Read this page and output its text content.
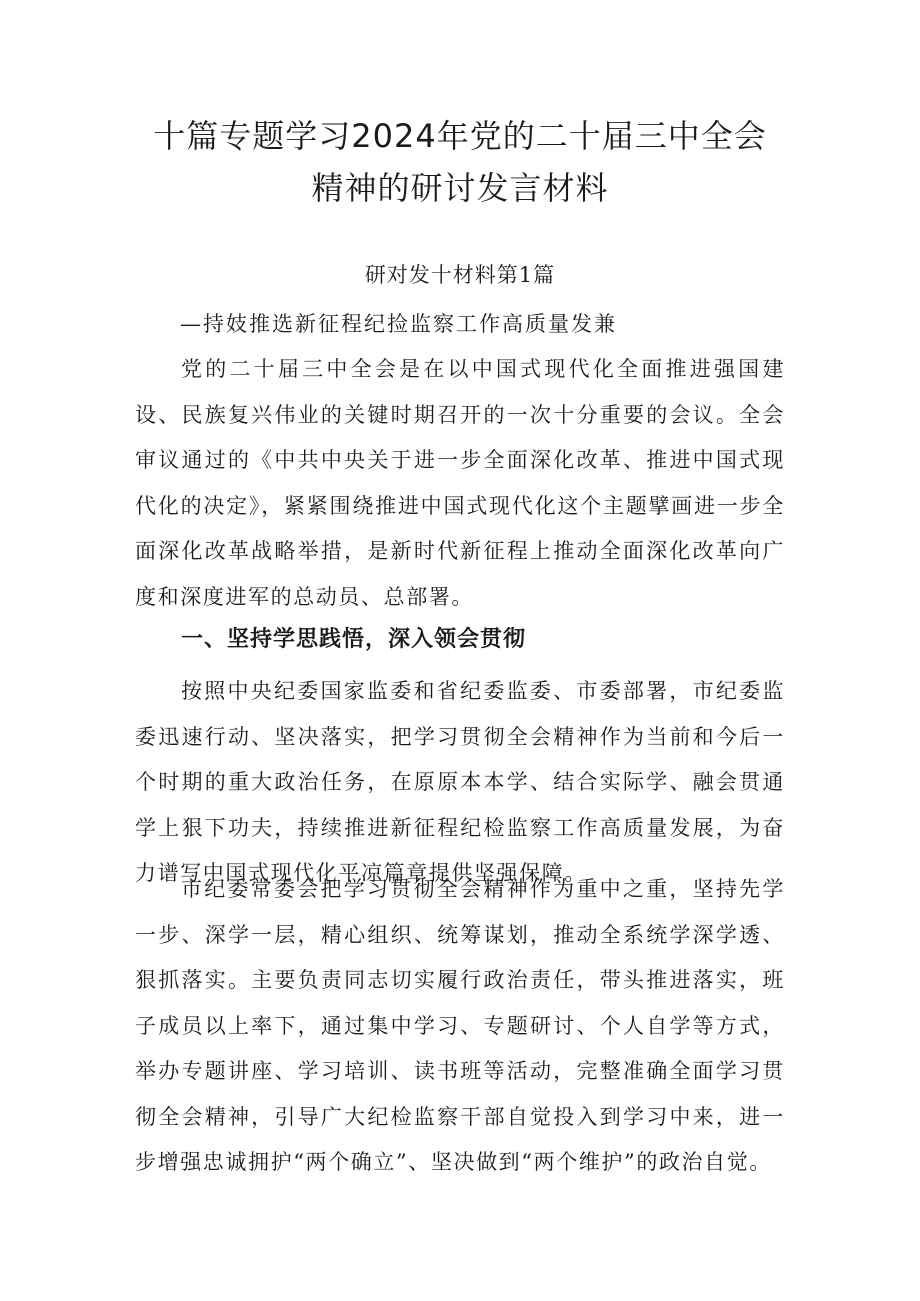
十篇专题学习2024年党的二十届三中全会
精神的研讨发言材料
研对发十材料第1篇
—持妓推选新征程纪捡监察工作高质量发兼
党的二十届三中全会是在以中国式现代化全面推进强国建设、民族复兴伟业的关键时期召开的一次十分重要的会议。全会审议通过的《中共中央关于进一步全面深化改革、推进中国式现代化的决定》，紧紧围绕推进中国式现代化这个主题擘画进一步全面深化改革战略举措，是新时代新征程上推动全面深化改革向广度和深度进军的总动员、总部署。
一、坚持学思践悟，深入领会贯彻
按照中央纪委国家监委和省纪委监委、市委部署，市纪委监委迅速行动、坚决落实，把学习贯彻全会精神作为当前和今后一个时期的重大政治任务，在原原本本学、结合实际学、融会贯通学上狠下功夫，持续推进新征程纪检监察工作高质量发展，为奋力谱写中国式现代化平凉篇章提供坚强保障。
市纪委常委会把学习贯彻全会精神作为重中之重，坚持先学一步、深学一层，精心组织、统筹谋划，推动全系统学深学透、狠抓落实。主要负责同志切实履行政治责任，带头推进落实，班子成员以上率下，通过集中学习、专题研讨、个人自学等方式，举办专题讲座、学习培训、读书班等活动，完整准确全面学习贯彻全会精神，引导广大纪检监察干部自觉投入到学习中来，进一步增强忠诚拥护“两个确立”、坚决做到“两个维护”的政治自觉。
